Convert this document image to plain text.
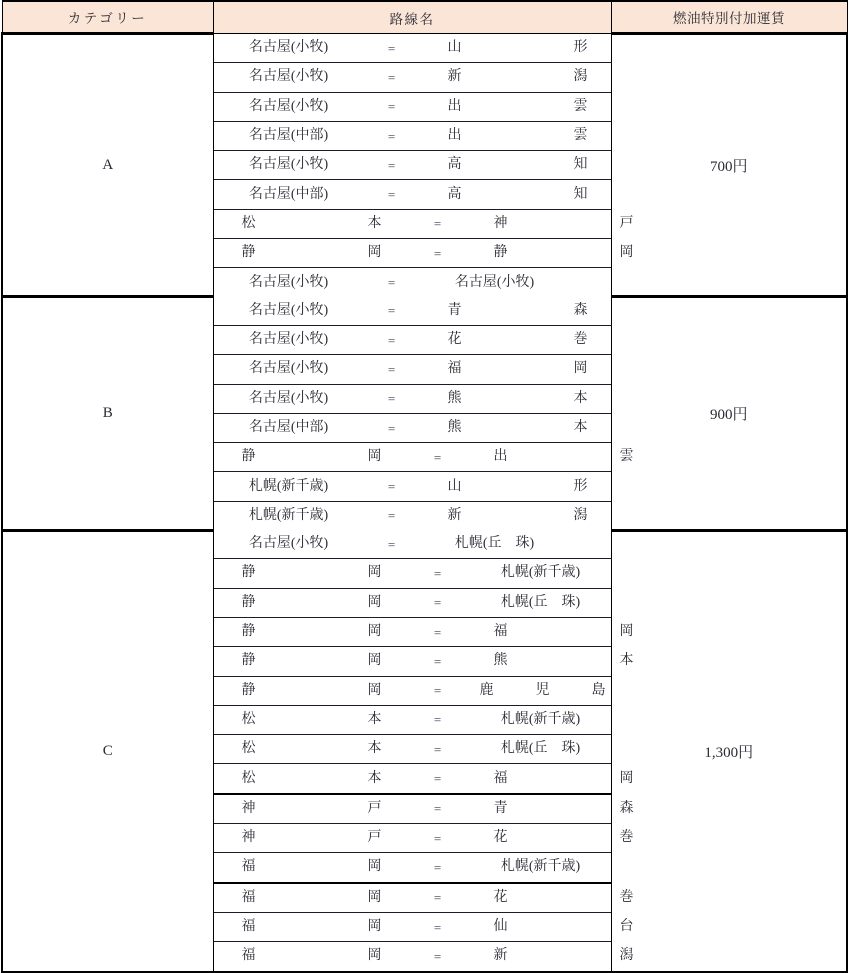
カテゴリー	路線名	燃油特別付加運賃
A	名古屋(小牧) = 山　　形	700円

	名古屋(小牧) = 新　　潟	

	名古屋(小牧) = 出　　雲	

	名古屋(中部) = 出　　雲	

	名古屋(小牧) = 高　　知	

	名古屋(中部) = 高　　知	

	松　　本 = 神　　戸	

	静　　岡 = 静　　岡	

	名古屋(小牧) = 名古屋(小牧)	

B	名古屋(小牧) = 青　　森	900円

	名古屋(小牧) = 花　　巻	

	名古屋(小牧) = 福　　岡	

	名古屋(小牧) = 熊　　本	

	名古屋(中部) = 熊　　本	

	静　　岡 = 出　　雲	

	札幌(新千歳) = 山　　形	

	札幌(新千歳) = 新　　潟	

C	名古屋(小牧) = 札幌(丘　珠)	1,300円

	静　　岡 = 札幌(新千歳)	

	静　　岡 = 札幌(丘　珠)	

	静　　岡 = 福　　岡	

	静　　岡 = 熊　　本	

	静　　岡 = 鹿　児　島	

	松　　本 = 札幌(新千歳)	

	松　　本 = 札幌(丘　珠)	

	松　　本 = 福　　岡	

	神　　戸 = 青　　森	

	神　　戸 = 花　　巻	

	福　　岡 = 札幌(新千歳)	

	福　　岡 = 花　　巻	

	福　　岡 = 仙　　台	

	福　　岡 = 新　　潟	
